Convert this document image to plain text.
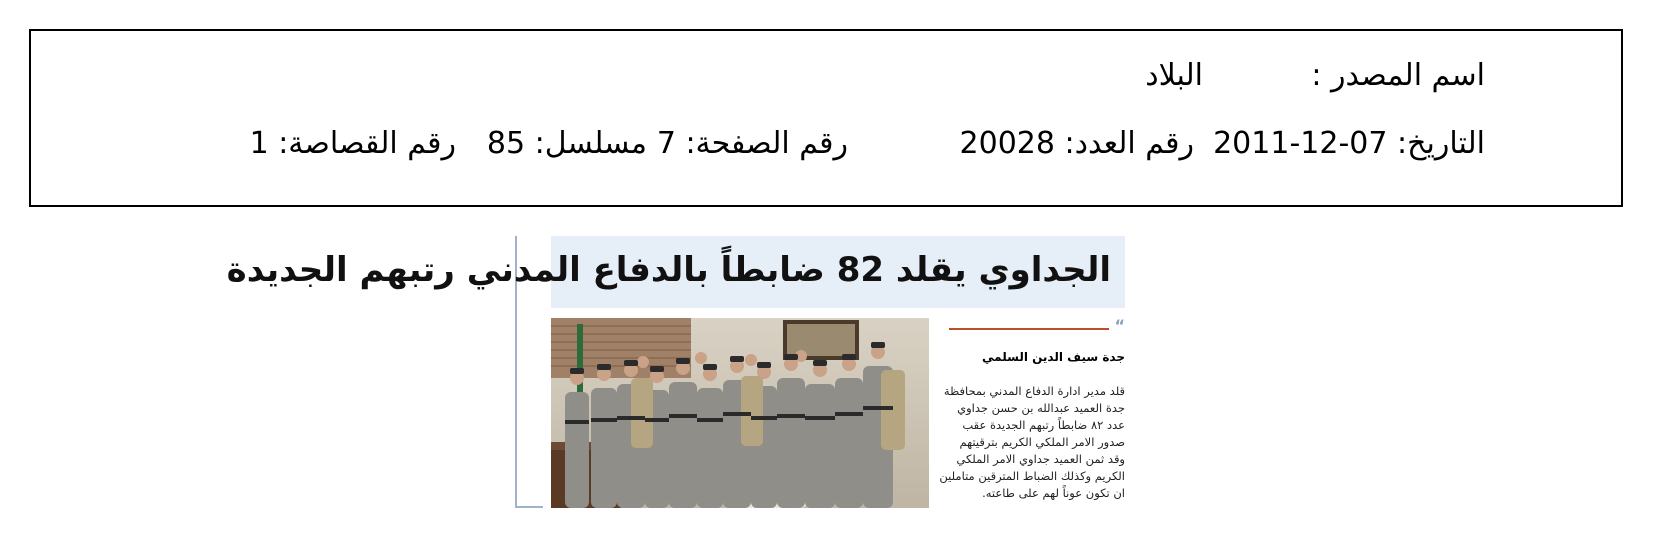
اسم المصدر :
البلاد
التاريخ: 07-12-2011
رقم العدد: 20028
رقم الصفحة: 7
مسلسل: 85
رقم القصاصة: 1
الجداوي يقلد 82 ضابطاً بالدفاع المدني رتبهم الجديدة
“
جدة سيف الدين السلمي
قلد مدير ادارة الدفاع المدني بمحافظة
جدة العميد عبدالله بن حسن جداوي
عدد ٨٢ ضابطاً رتبهم الجديدة عقب
صدور الامر الملكي الكريم بترقيتهم
وقد ثمن العميد جداوي الامر الملكي
الكريم وكذلك الضباط المترقين متاملين
ان تكون عوناً لهم على طاعته.
